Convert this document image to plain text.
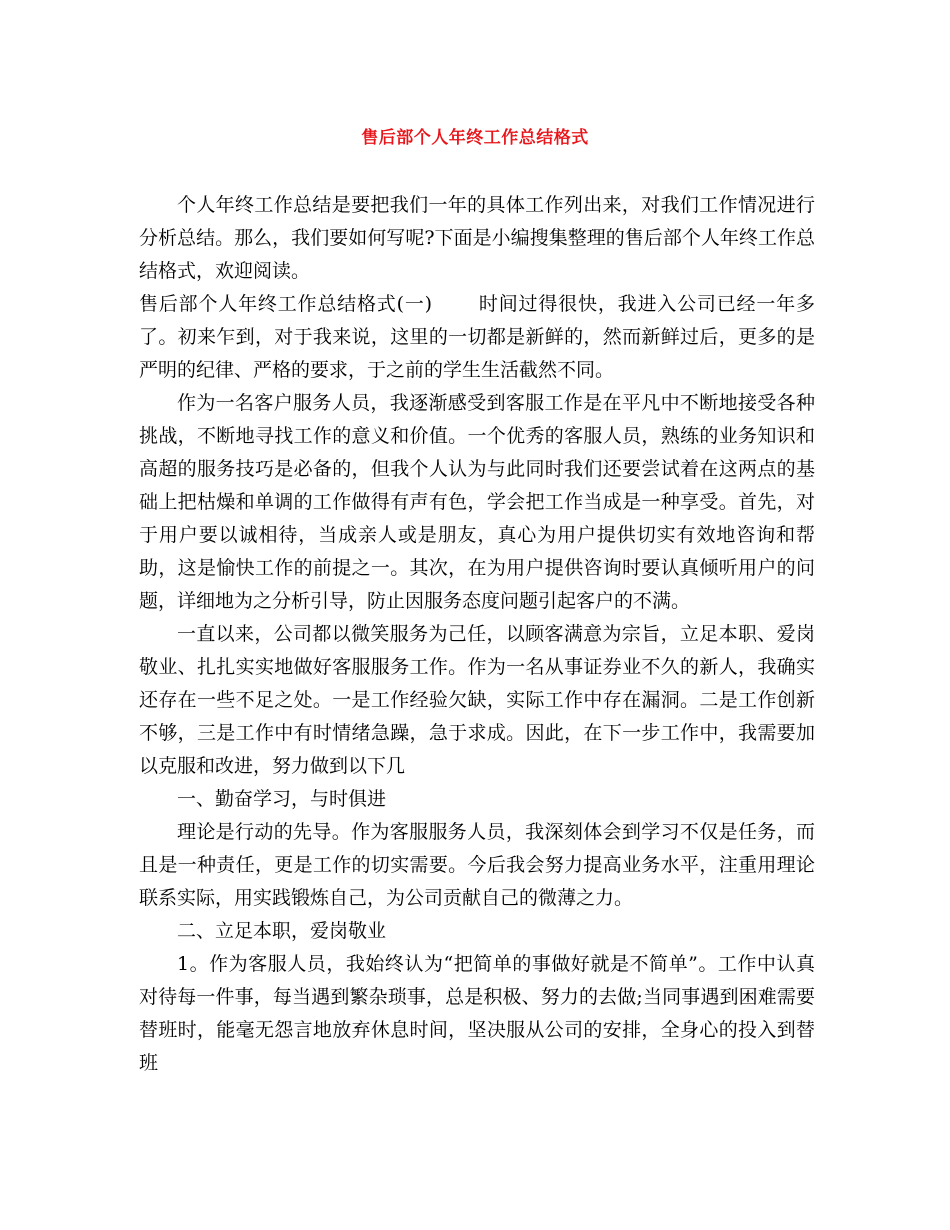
售后部个人年终工作总结格式

个人年终工作总结是要把我们一年的具体工作列出来，对我们工作情况进行分析总结。那么，我们要如何写呢?下面是小编搜集整理的售后部个人年终工作总结格式，欢迎阅读。

售后部个人年终工作总结格式(一) 时间过得很快，我进入公司已经一年多了。初来乍到，对于我来说，这里的一切都是新鲜的，然而新鲜过后，更多的是严明的纪律、严格的要求，于之前的学生生活截然不同。

作为一名客户服务人员，我逐渐感受到客服工作是在平凡中不断地接受各种挑战，不断地寻找工作的意义和价值。一个优秀的客服人员，熟练的业务知识和高超的服务技巧是必备的，但我个人认为与此同时我们还要尝试着在这两点的基础上把枯燥和单调的工作做得有声有色，学会把工作当成是一种享受。首先，对于用户要以诚相待，当成亲人或是朋友，真心为用户提供切实有效地咨询和帮助，这是愉快工作的前提之一。其次，在为用户提供咨询时要认真倾听用户的问题，详细地为之分析引导，防止因服务态度问题引起客户的不满。

一直以来，公司都以微笑服务为己任，以顾客满意为宗旨，立足本职、爱岗敬业、扎扎实实地做好客服服务工作。作为一名从事证券业不久的新人，我确实还存在一些不足之处。一是工作经验欠缺，实际工作中存在漏洞。二是工作创新不够，三是工作中有时情绪急躁，急于求成。因此，在下一步工作中，我需要加以克服和改进，努力做到以下几

一、勤奋学习，与时俱进

理论是行动的先导。作为客服服务人员，我深刻体会到学习不仅是任务，而且是一种责任，更是工作的切实需要。今后我会努力提高业务水平，注重用理论联系实际，用实践锻炼自己，为公司贡献自己的微薄之力。

二、立足本职，爱岗敬业

1。作为客服人员，我始终认为“把简单的事做好就是不简单”。工作中认真对待每一件事，每当遇到繁杂琐事，总是积极、努力的去做;当同事遇到困难需要替班时，能毫无怨言地放弃休息时间，坚决服从公司的安排，全身心的投入到替班
